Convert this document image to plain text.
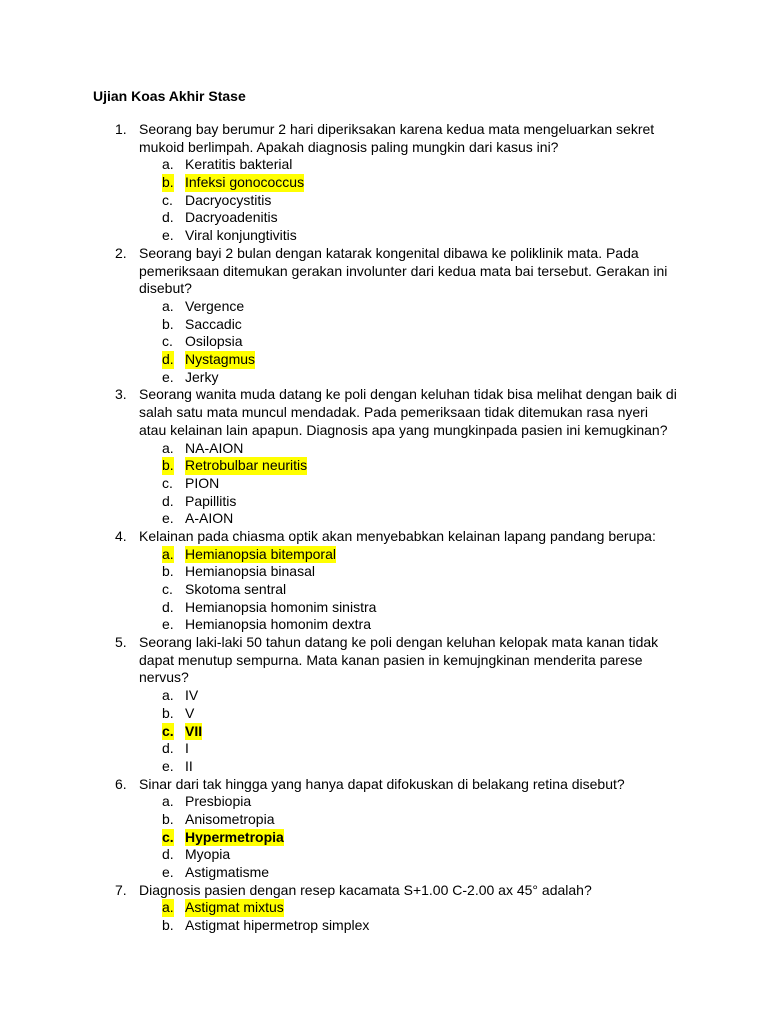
Ujian Koas Akhir Stase
1. Seorang bay berumur 2 hari diperiksakan karena kedua mata mengeluarkan sekret mukoid berlimpah. Apakah diagnosis paling mungkin dari kasus ini?
a. Keratitis bakterial
b. Infeksi gonococcus
c. Dacryocystitis
d. Dacryoadenitis
e. Viral konjungtivitis
2. Seorang bayi 2 bulan dengan katarak kongenital dibawa ke poliklinik mata. Pada pemeriksaan ditemukan gerakan involunter dari kedua mata bai tersebut. Gerakan ini disebut?
a. Vergence
b. Saccadic
c. Osilopsia
d. Nystagmus
e. Jerky
3. Seorang wanita muda datang ke poli dengan keluhan tidak bisa melihat dengan baik di salah satu mata muncul mendadak. Pada pemeriksaan tidak ditemukan rasa nyeri atau kelainan lain apapun. Diagnosis apa yang mungkinpada pasien ini kemugkinan?
a. NA-AION
b. Retrobulbar neuritis
c. PION
d. Papillitis
e. A-AION
4. Kelainan pada chiasma optik akan menyebabkan kelainan lapang pandang berupa:
a. Hemianopsia bitemporal
b. Hemianopsia binasal
c. Skotoma sentral
d. Hemianopsia homonim sinistra
e. Hemianopsia homonim dextra
5. Seorang laki-laki 50 tahun datang ke poli dengan keluhan kelopak mata kanan tidak dapat menutup sempurna. Mata kanan pasien in kemujngkinan menderita parese nervus?
a. IV
b. V
c. VII
d. I
e. II
6. Sinar dari tak hingga yang hanya dapat difokuskan di belakang retina disebut?
a. Presbiopia
b. Anisometropia
c. Hypermetropia
d. Myopia
e. Astigmatisme
7. Diagnosis pasien dengan resep kacamata S+1.00 C-2.00 ax 45° adalah?
a. Astigmat mixtus
b. Astigmat hipermetrop simplex
